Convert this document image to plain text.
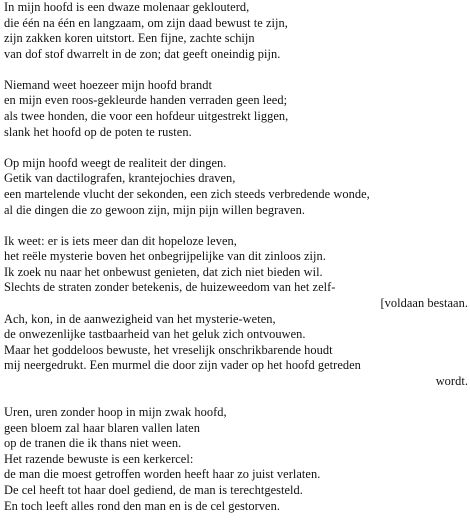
In mijn hoofd is een dwaze molenaar geklouterd,
die één na één en langzaam, om zijn daad bewust te zijn,
zijn zakken koren uitstort. Een fijne, zachte schijn
van dof stof dwarrelt in de zon; dat geeft oneindig pijn.
Niemand weet hoezeer mijn hoofd brandt
en mijn even roos-gekleurde handen verraden geen leed;
als twee honden, die voor een hofdeur uitgestrekt liggen,
slank het hoofd op de poten te rusten.
Op mijn hoofd weegt de realiteit der dingen.
Getik van dactilografen, krantejochies draven,
een martelende vlucht der sekonden, een zich steeds verbredende wonde,
al die dingen die zo gewoon zijn, mijn pijn willen begraven.
Ik weet: er is iets meer dan dit hopeloze leven,
het reële mysterie boven het onbegrijpelijke van dit zinloos zijn.
Ik zoek nu naar het onbewust genieten, dat zich niet bieden wil.
Slechts de straten zonder betekenis, de huizeweedom van het zelf-
[voldaan bestaan.
Ach, kon, in de aanwezigheid van het mysterie-weten,
de onwezenlijke tastbaarheid van het geluk zich ontvouwen.
Maar het goddeloos bewuste, het vreselijk onschrikbarende houdt
mij neergedrukt. Een murmel die door zijn vader op het hoofd getreden
wordt.
Uren, uren zonder hoop in mijn zwak hoofd,
geen bloem zal haar blaren vallen laten
op de tranen die ik thans niet ween.
Het razende bewuste is een kerkercel:
de man die moest getroffen worden heeft haar zo juist verlaten.
De cel heeft tot haar doel gediend, de man is terechtgesteld.
En toch leeft alles rond den man en is de cel gestorven.
